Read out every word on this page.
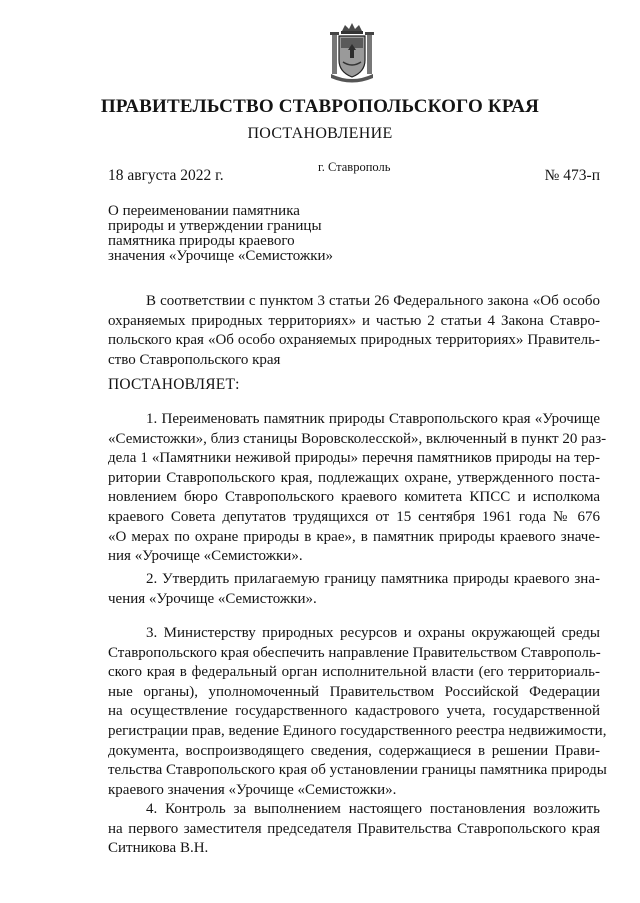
ПРАВИТЕЛЬСТВО СТАВРОПОЛЬСКОГО КРАЯ
ПОСТАНОВЛЕНИЕ
18 августа 2022 г.	г. Ставрополь	№ 473-п
О переименовании памятника
природы и утверждении границы
памятника природы краевого
значения «Урочище «Семистожки»
В соответствии с пунктом 3 статьи 26 Федерального закона «Об особо
охраняемых природных территориях» и частью 2 статьи 4 Закона Ставро-
польского края «Об особо охраняемых природных территориях» Правитель-
ство Ставропольского края
ПОСТАНОВЛЯЕТ:
1. Переименовать памятник природы Ставропольского края «Урочище
«Семистожки», близ станицы Воровсколесской», включенный в пункт 20 раз-
дела 1 «Памятники неживой природы» перечня памятников природы на тер-
ритории Ставропольского края, подлежащих охране, утвержденного поста-
новлением бюро Ставропольского краевого комитета КПСС и исполкома
краевого Совета депутатов трудящихся от 15 сентября 1961 года № 676
«О мерах по охране природы в крае», в памятник природы краевого значе-
ния «Урочище «Семистожки».
2. Утвердить прилагаемую границу памятника природы краевого зна-
чения «Урочище «Семистожки».
3. Министерству природных ресурсов и охраны окружающей среды
Ставропольского края обеспечить направление Правительством Ставрополь-
ского края в федеральный орган исполнительной власти (его территориаль-
ные органы), уполномоченный Правительством Российской Федерации
на осуществление государственного кадастрового учета, государственной
регистрации прав, ведение Единого государственного реестра недвижимости,
документа, воспроизводящего сведения, содержащиеся в решении Прави-
тельства Ставропольского края об установлении границы памятника природы
краевого значения «Урочище «Семистожки».
4. Контроль за выполнением настоящего постановления возложить
на первого заместителя председателя Правительства Ставропольского края
Ситникова В.Н.
